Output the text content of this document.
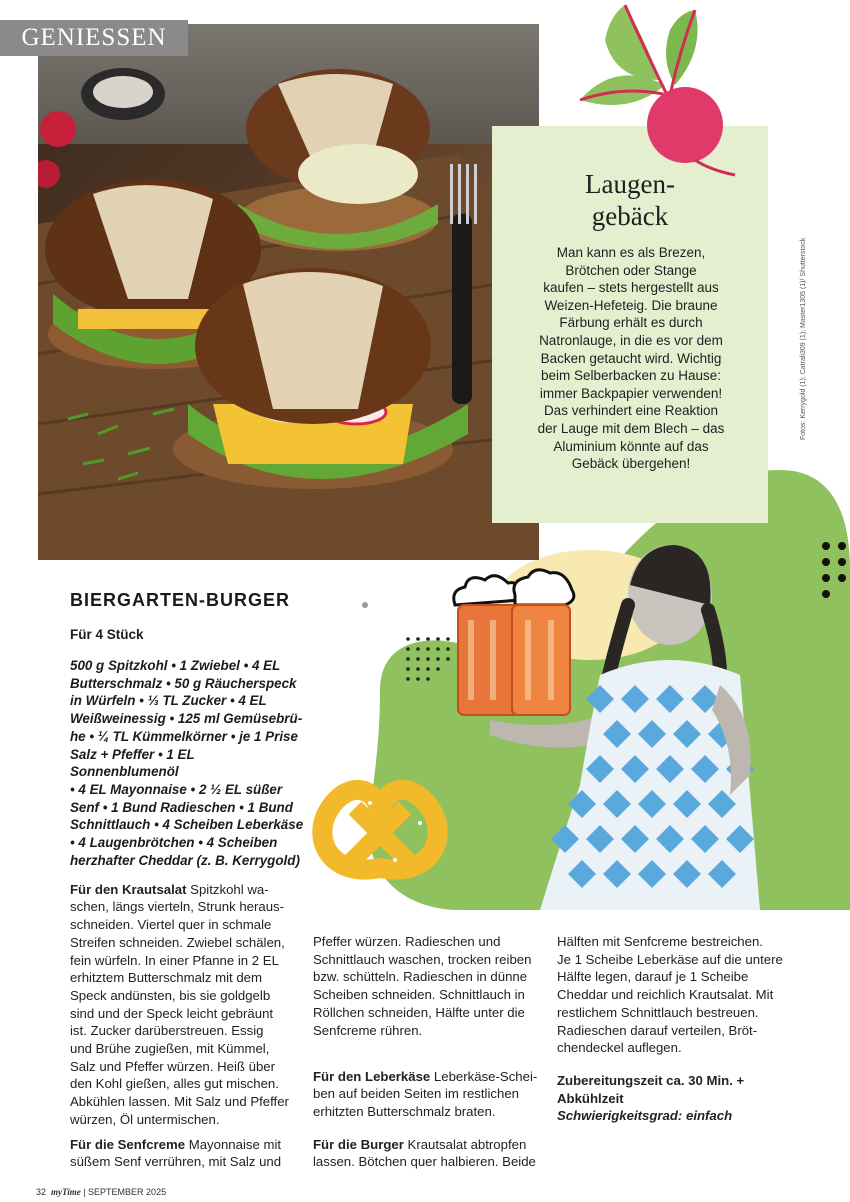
GENIESSEN
Laugen-
gebäck
Man kann es als Brezen,
Brötchen oder Stange
kaufen – stets hergestellt aus
Weizen-Hefeteig. Die braune
Färbung erhält es durch
Natronlauge, in die es vor dem
Backen getaucht wird. Wichtig
beim Selberbacken zu Hause:
immer Backpapier verwenden!
Das verhindert eine Reaktion
der Lauge mit dem Blech – das
Aluminium könnte auf das
Gebäck übergehen!
Fotos: Kerrygold (1); Catrali309 (1); Master1305 (1)/ Shutterstock
BIERGARTEN-BURGER
Für 4 Stück
500 g Spitzkohl • 1 Zwiebel • 4 EL
Butterschmalz • 50 g Räucherspeck
in Würfeln • ⅓ TL Zucker • 4 EL
Weißweinessig • 125 ml Gemüsebrü-
he • ¼ TL Kümmelkörner • je 1 Prise
Salz + Pfeffer • 1 EL Sonnenblumenöl
• 4 EL Mayonnaise • 2 ½ EL süßer
Senf • 1 Bund Radieschen • 1 Bund
Schnittlauch • 4 Scheiben Leberkäse
• 4 Laugenbrötchen • 4 Scheiben
herzhafter Cheddar (z. B. Kerrygold)

Für den Krautsalat Spitzkohl wa-
schen, längs vierteln, Strunk heraus-
schneiden. Viertel quer in schmale
Streifen schneiden. Zwiebel schälen,
fein würfeln. In einer Pfanne in 2 EL
erhitztem Butterschmalz mit dem
Speck andünsten, bis sie goldgelb
sind und der Speck leicht gebräunt
ist. Zucker darüberstreuen. Essig
und Brühe zugießen, mit Kümmel,
Salz und Pfeffer würzen. Heiß über
den Kohl gießen, alles gut mischen.
Abkühlen lassen. Mit Salz und Pfeffer
würzen, Öl untermischen.

Für die Senfcreme Mayonnaise mit
süßem Senf verrühren, mit Salz und

Pfeffer würzen. Radieschen und
Schnittlauch waschen, trocken reiben
bzw. schütteln. Radieschen in dünne
Scheiben schneiden. Schnittlauch in
Röllchen schneiden, Hälfte unter die
Senfcreme rühren.

Für den Leberkäse Leberkäse-Schei-
ben auf beiden Seiten im restlichen
erhitzten Butterschmalz braten.

Für die Burger Krautsalat abtropfen
lassen. Bötchen quer halbieren. Beide

Hälften mit Senfcreme bestreichen.
Je 1 Scheibe Leberkäse auf die untere
Hälfte legen, darauf je 1 Scheibe
Cheddar und reichlich Krautsalat. Mit
restlichem Schnittlauch bestreuen.
Radieschen darauf verteilen, Bröt-
chendeckel auflegen.
Zubereitungszeit ca. 30 Min. +
Abkühlzeit
Schwierigkeitsgrad: einfach
32 myTime | SEPTEMBER 2025
